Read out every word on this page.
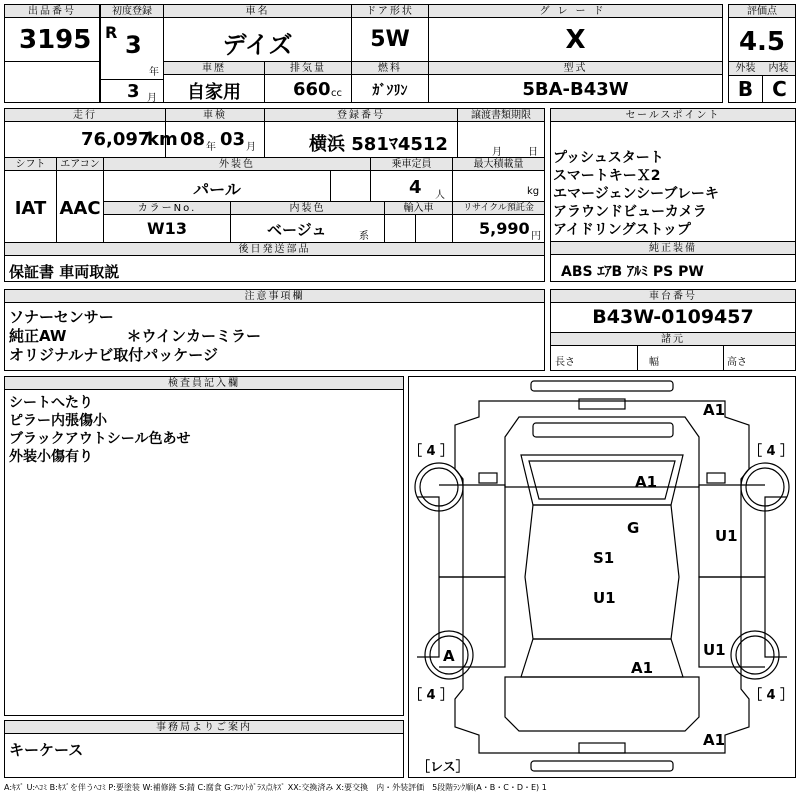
出品番号
3195
初度登録
R 3
年
3 月
車名
デイズ
ドア形状
5W
グレード
X
評価点
4.5
車歴
自家用
排気量
660 cc
燃料
ｶﾞｿﾘﾝ
型式
5BA-B43W
外装	内装
B C
走行
76,097
km
車検
08 年 03 月
登録番号
横浜 581ﾏ4512
譲渡書類期限
月	日
セールスポイント
プッシュスタート
スマートキーＸ2
エマージェンシーブレーキ
アラウンドビューカメラ
アイドリングストップ
シフト
IAT
エアコン
AAC
外装色
パール
乗車定員
4 人
最大積載量
kg
カラーNo.
W13
内装色
ベージュ	系
輸入車	リサイクル預託金
5,990 円
後日発送部品
保証書 車両取説
純正装備
ABS ｴｱB ｱﾙﾐ PS PW
注意事項欄
ソナーセンサー
純正AW　　　　＊ウインカーミラー
オリジナルナビ取付パッケージ
車台番号
B43W-0109457
諸元
長さ	幅	高さ
検査員記入欄
シートへたり
ピラー内張傷小
ブラックアウトシール色あせ
外装小傷有り
事務局よりご案内
キーケース
A1
A1
G	U1
S1
U1
U1
A
A1
A1
［ 4 ］	［ 4 ］
［ 4 ］	［ 4 ］
［レス］
A:ｷｽﾞ U:ﾍｺﾐ B:ｷｽﾞを伴うﾍｺﾐ P:要塗装 W:補修跡 S:錆 C:腐食 G:ﾌﾛﾝﾄｶﾞﾗｽ点ｷｽﾞ XX:交換済み X:要交換　内・外装評価　5段階ﾗﾝｸ順(A・B・C・D・E) 1
